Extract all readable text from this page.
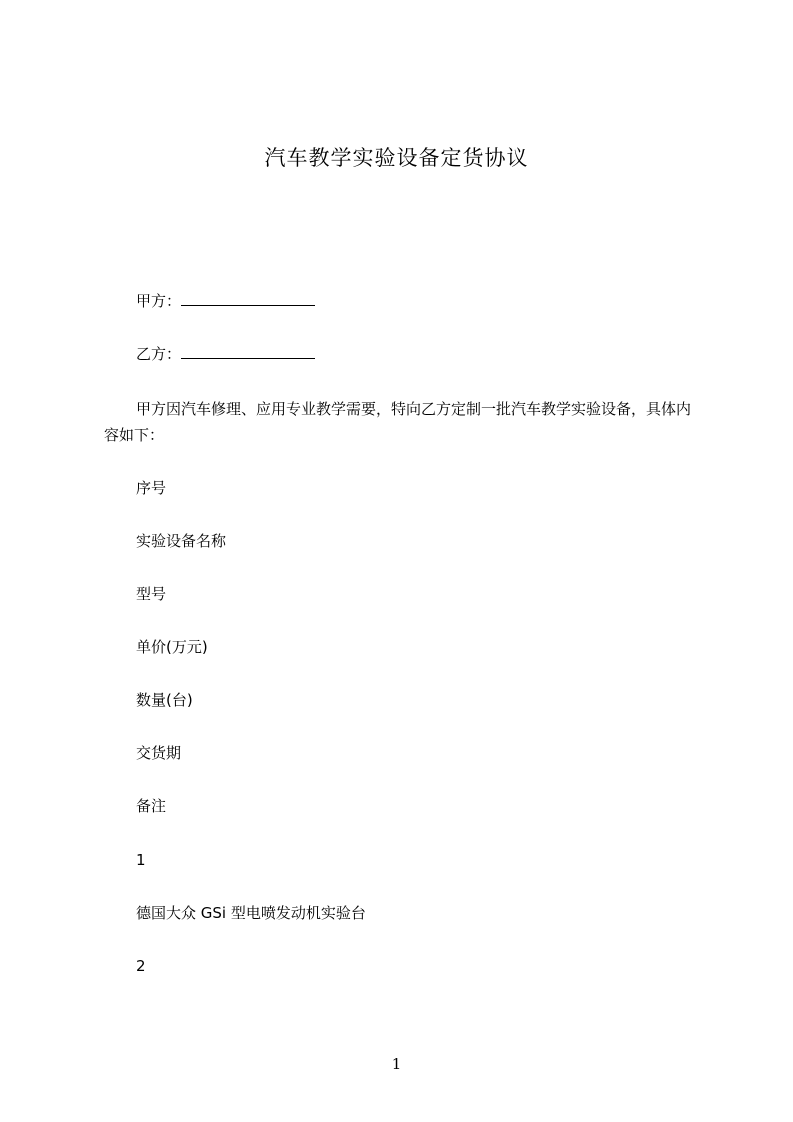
汽车教学实验设备定货协议
甲方：
乙方：
甲方因汽车修理、应用专业教学需要，特向乙方定制一批汽车教学实验设备，具体内容如下：
序号
实验设备名称
型号
单价(万元)
数量(台)
交货期
备注
1
德国大众 GSi 型电喷发动机实验台
2
1
